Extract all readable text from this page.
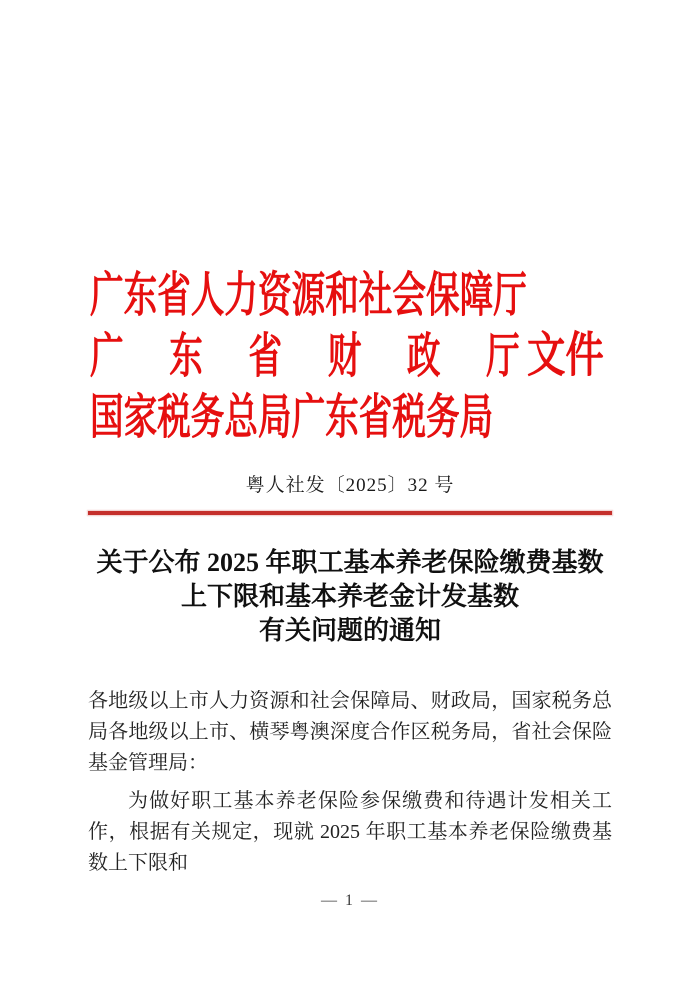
广东省人力资源和社会保障厅
广 东 省 财 政 厅
国家税务总局广东省税务局
文件
粤人社发〔2025〕32 号
关于公布 2025 年职工基本养老保险缴费基数
上下限和基本养老金计发基数
有关问题的通知

各地级以上市人力资源和社会保障局、财政局，国家税务总局各地级以上市、横琴粤澳深度合作区税务局，省社会保险基金管理局：

为做好职工基本养老保险参保缴费和待遇计发相关工作，根据有关规定，现就 2025 年职工基本养老保险缴费基数上下限和

— 1 —
